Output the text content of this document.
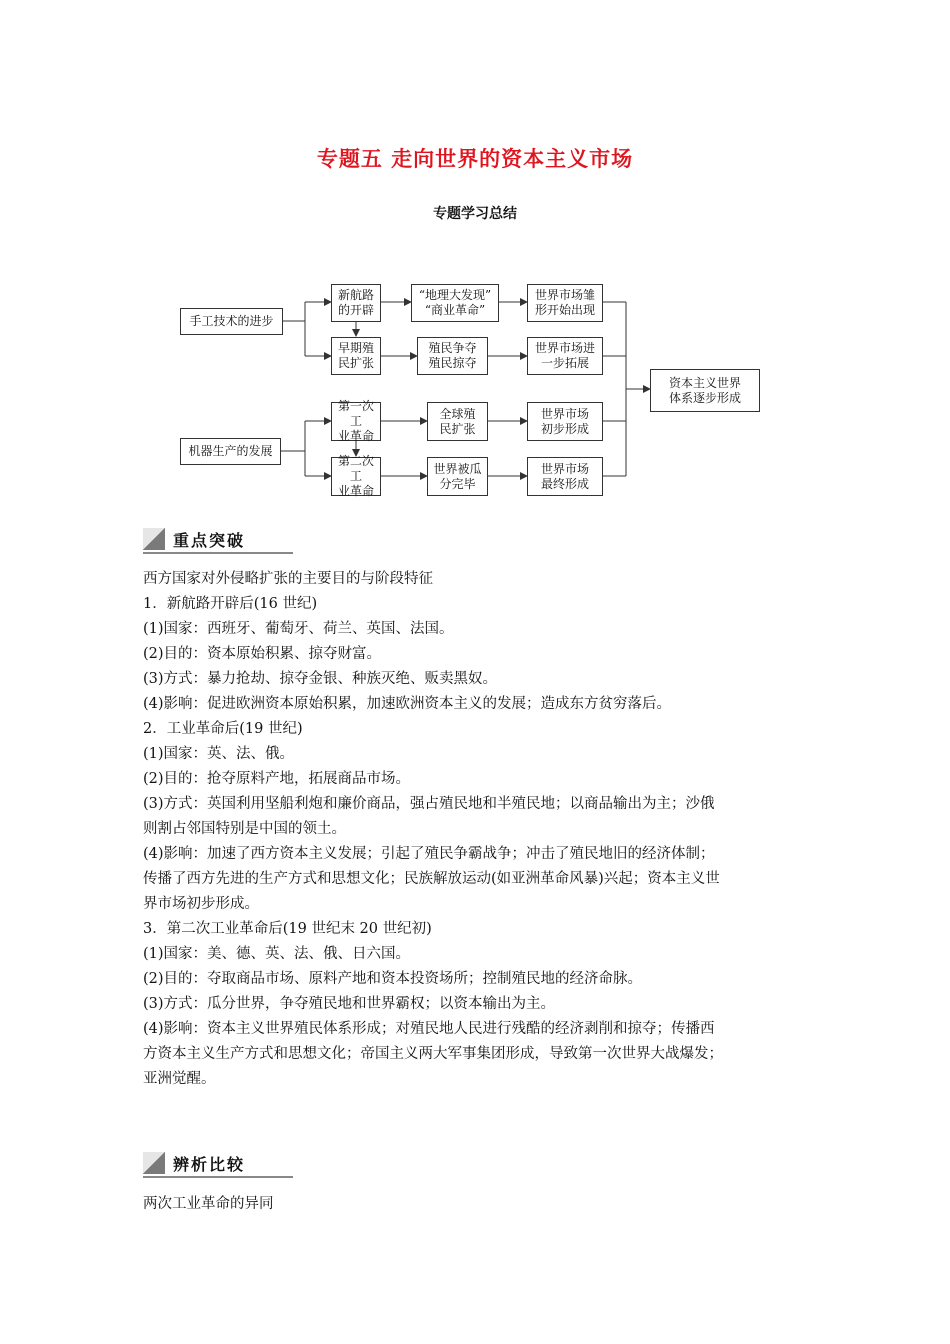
专题五 走向世界的资本主义市场
专题学习总结
手工技术的进步
机器生产的发展
新航路
的开辟
早期殖
民扩张
“地理大发现”
“商业革命”
殖民争夺
殖民掠夺
世界市场雏
形开始出现
世界市场进
一步拓展
第一次工
业革命
第二次工
业革命
全球殖
民扩张
世界被瓜
分完毕
世界市场
初步形成
世界市场
最终形成
资本主义世界
体系逐步形成
重点突破

西方国家对外侵略扩张的主要目的与阶段特征

1．新航路开辟后(16 世纪)

(1)国家：西班牙、葡萄牙、荷兰、英国、法国。

(2)目的：资本原始积累、掠夺财富。

(3)方式：暴力抢劫、掠夺金银、种族灭绝、贩卖黑奴。

(4)影响：促进欧洲资本原始积累，加速欧洲资本主义的发展；造成东方贫穷落后。

2．工业革命后(19 世纪)

(1)国家：英、法、俄。

(2)目的：抢夺原料产地，拓展商品市场。

(3)方式：英国利用坚船利炮和廉价商品，强占殖民地和半殖民地；以商品输出为主；沙俄

则割占邻国特别是中国的领土。

(4)影响：加速了西方资本主义发展；引起了殖民争霸战争；冲击了殖民地旧的经济体制；

传播了西方先进的生产方式和思想文化；民族解放运动(如亚洲革命风暴)兴起；资本主义世

界市场初步形成。

3．第二次工业革命后(19 世纪末 20 世纪初)

(1)国家：美、德、英、法、俄、日六国。

(2)目的：夺取商品市场、原料产地和资本投资场所；控制殖民地的经济命脉。

(3)方式：瓜分世界，争夺殖民地和世界霸权；以资本输出为主。

(4)影响：资本主义世界殖民体系形成；对殖民地人民进行残酷的经济剥削和掠夺；传播西

方资本主义生产方式和思想文化；帝国主义两大军事集团形成，导致第一次世界大战爆发；

亚洲觉醒。

辨析比较

两次工业革命的异同
